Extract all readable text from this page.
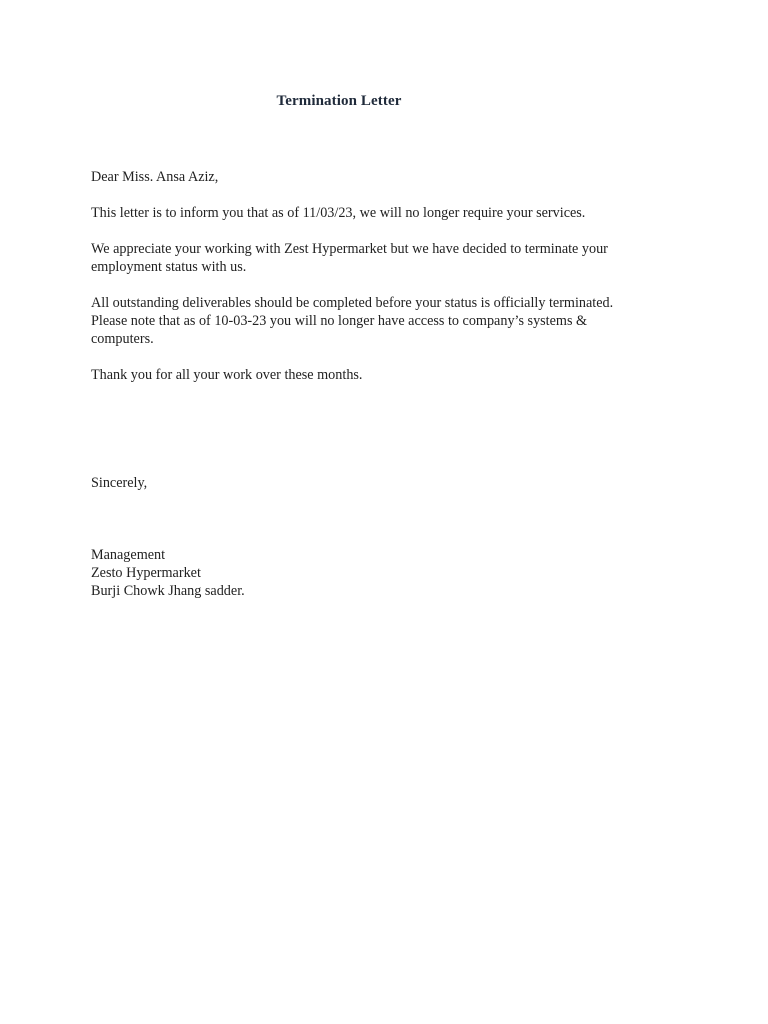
Termination Letter
Dear Miss. Ansa Aziz,
This letter is to inform you that as of 11/03/23, we will no longer require your services.
We appreciate your working with Zest Hypermarket but we have decided to terminate your
employment status with us.
All outstanding deliverables should be completed before your status is officially terminated.
Please note that as of 10-03-23 you will no longer have access to company’s systems &
computers.
Thank you for all your work over these months.
Sincerely,
Management
Zesto Hypermarket
Burji Chowk Jhang sadder.
